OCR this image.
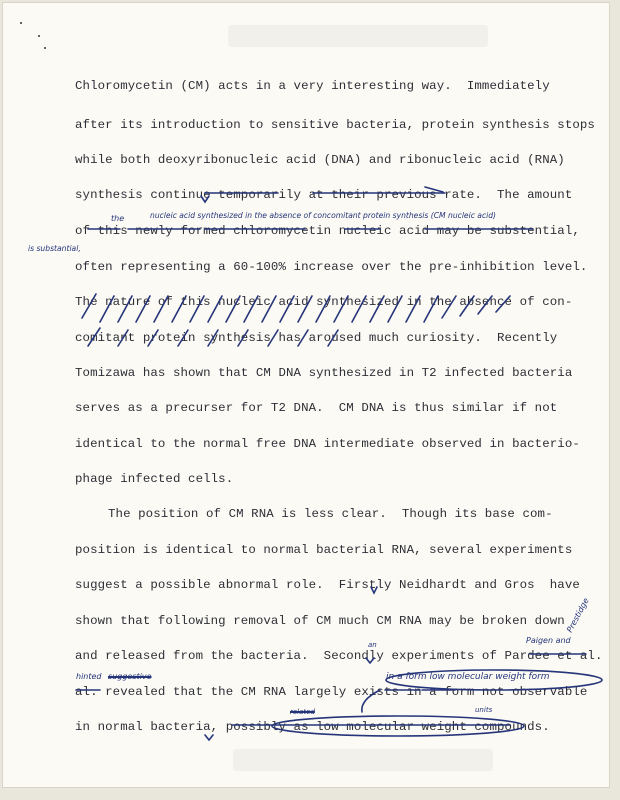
Chloromycetin (CM) acts in a very interesting way.  Immediately
after its introduction to sensitive bacteria, protein synthesis stops
while both deoxyribonucleic acid (DNA) and ribonucleic acid (RNA)
synthesis continue temporarily at their previous rate.  The amount
of this newly formed chloromycetin nucleic acid may be substential,
often representing a 60-100% increase over the pre-inhibition level.
The nature of this nucleic acid synthesized in the absence of con-
comitant protein synthesis has aroused much curiosity.  Recently
Tomizawa has shown that CM DNA synthesized in T2 infected bacteria
serves as a precurser for T2 DNA.  CM DNA is thus similar if not
identical to the normal free DNA intermediate observed in bacterio-
phage infected cells.
The position of CM RNA is less clear.  Though its base com-
position is identical to normal bacterial RNA, several experiments
suggest a possible abnormal role.  Firstly Neidhardt and Gros  have
shown that following removal of CM much CM RNA may be broken down
and released from the bacteria.  Secondly experiments of Pardee et al.
al. revealed that the CM RNA largely exists in a form not observable
in normal bacteria, possibly as low molecular weight compounds.
the	nucleic acid synthesized in the absence of concomitant protein synthesis (CM nucleic acid)
is substantial,
an	Paigen and
Prestidge
hinted suggestive	in a form low molecular weight form
related	units
